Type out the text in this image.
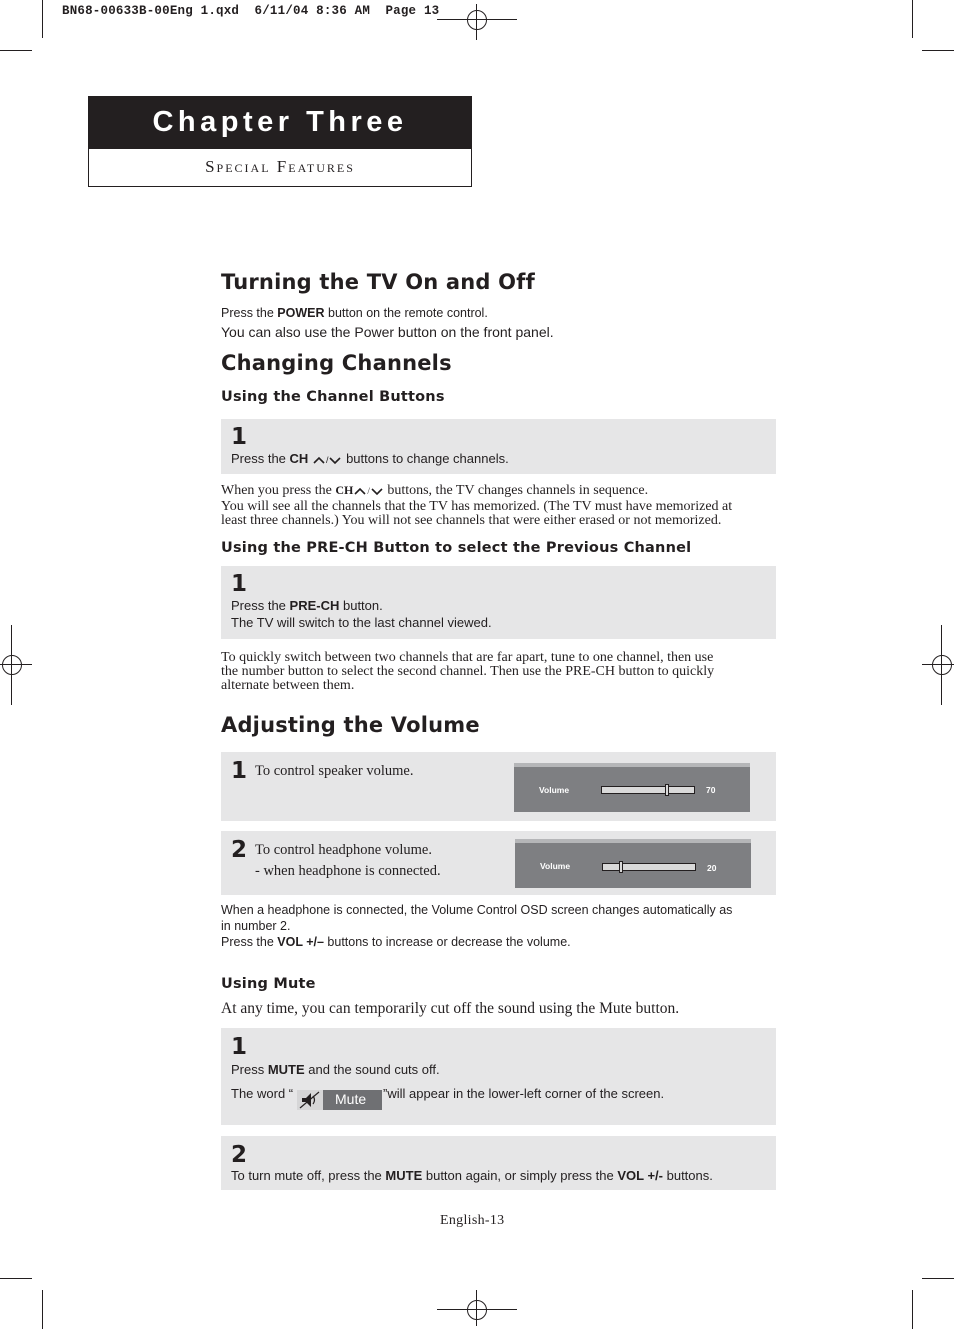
BN68-00633B-00Eng 1.qxd  6/11/04 8:36 AM  Page 13
Chapter Three
Special Features
Turning the TV On and Off
Press the POWER button on the remote control.
You can also use the Power button on the front panel.
Changing Channels
Using the Channel Buttons
1
Press the CH / buttons to change channels.
When you press the CH / buttons, the TV changes channels in sequence.
You will see all the channels that the TV has memorized. (The TV must have memorized at
least three channels.) You will not see channels that were either erased or not memorized.
Using the PRE-CH Button to select the Previous Channel
1
Press the PRE-CH button.
The TV will switch to the last channel viewed.
To quickly switch between two channels that are far apart, tune to one channel, then use
the number button to select the second channel. Then use the PRE-CH button to quickly
alternate between them.
Adjusting the Volume
1 To control speaker volume.
Volume	70
2 To control headphone volume.
- when headphone is connected.	Volume	20
When a headphone is connected, the Volume Control OSD screen changes automatically as
in number 2.
Press the VOL +/– buttons to increase or decrease the volume.
Using Mute
At any time, you can temporarily cut off the sound using the Mute button.
1
Press MUTE and the sound cuts off.
The word “	Mute ”will appear in the lower-left corner of the screen.
2
To turn mute off, press the MUTE button again, or simply press the VOL +/- buttons.
English-13
